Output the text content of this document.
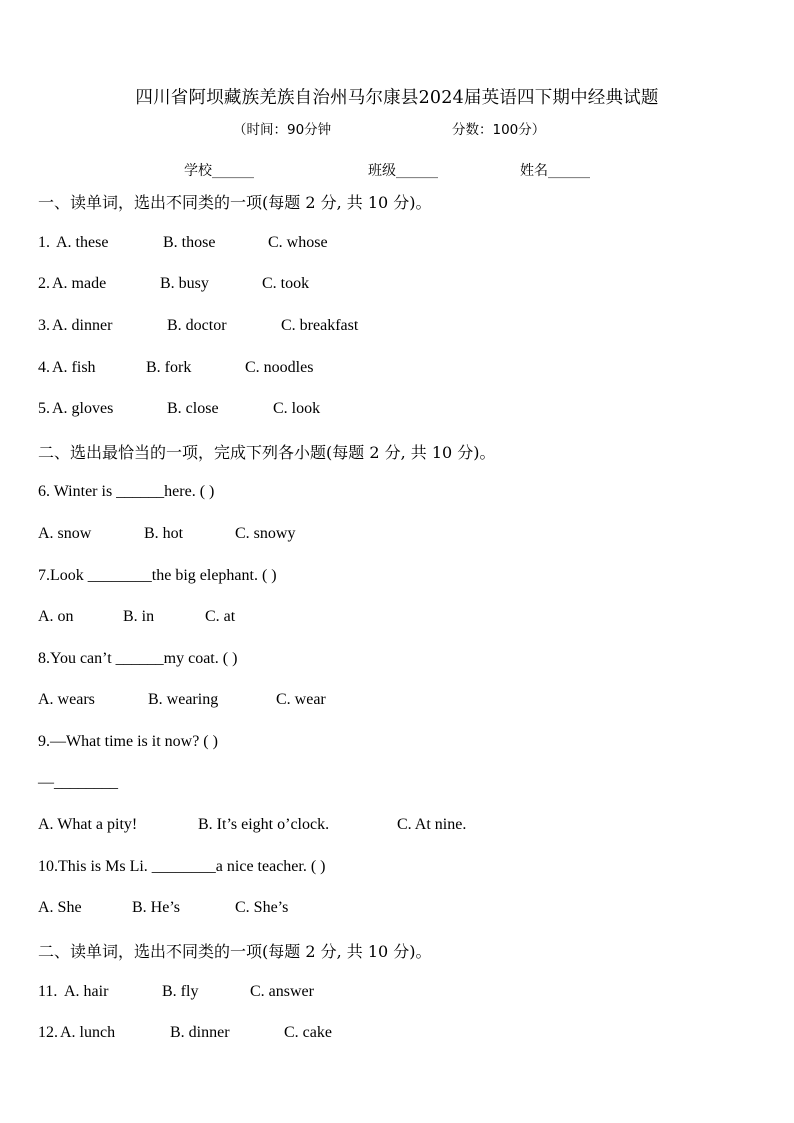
四川省阿坝藏族羌族自治州马尔康县2024届英语四下期中经典试题
（时间：90分钟	分数：100分）
学校______	班级______	姓名______
一、读单词，选出不同类的一项(每题 2 分, 共 10 分)。
1. A. these	B. those	C. whose
2. A. made	B. busy	C. took
3. A. dinner	B. doctor	C. breakfast
4. A. fish	B. fork	C. noodles
5. A. gloves	B. close	C. look
二、选出最恰当的一项，完成下列各小题(每题 2 分, 共 10 分)。
6. Winter is ______here. ( )
A. snow	B. hot	C. snowy
7.Look ________the big elephant. ( )
A. on	B. in	C. at
8.You can’t ______my coat. ( )
A. wears	B. wearing	C. wear
9.—What time is it now? ( )
—________
A. What a pity!	B. It’s eight o’clock.	C. At nine.
10.This is Ms Li. ________a nice teacher. ( )
A. She	B. He’s	C. She’s
二、读单词，选出不同类的一项(每题 2 分, 共 10 分)。
11. A. hair	B. fly	C. answer
12. A. lunch	B. dinner	C. cake
